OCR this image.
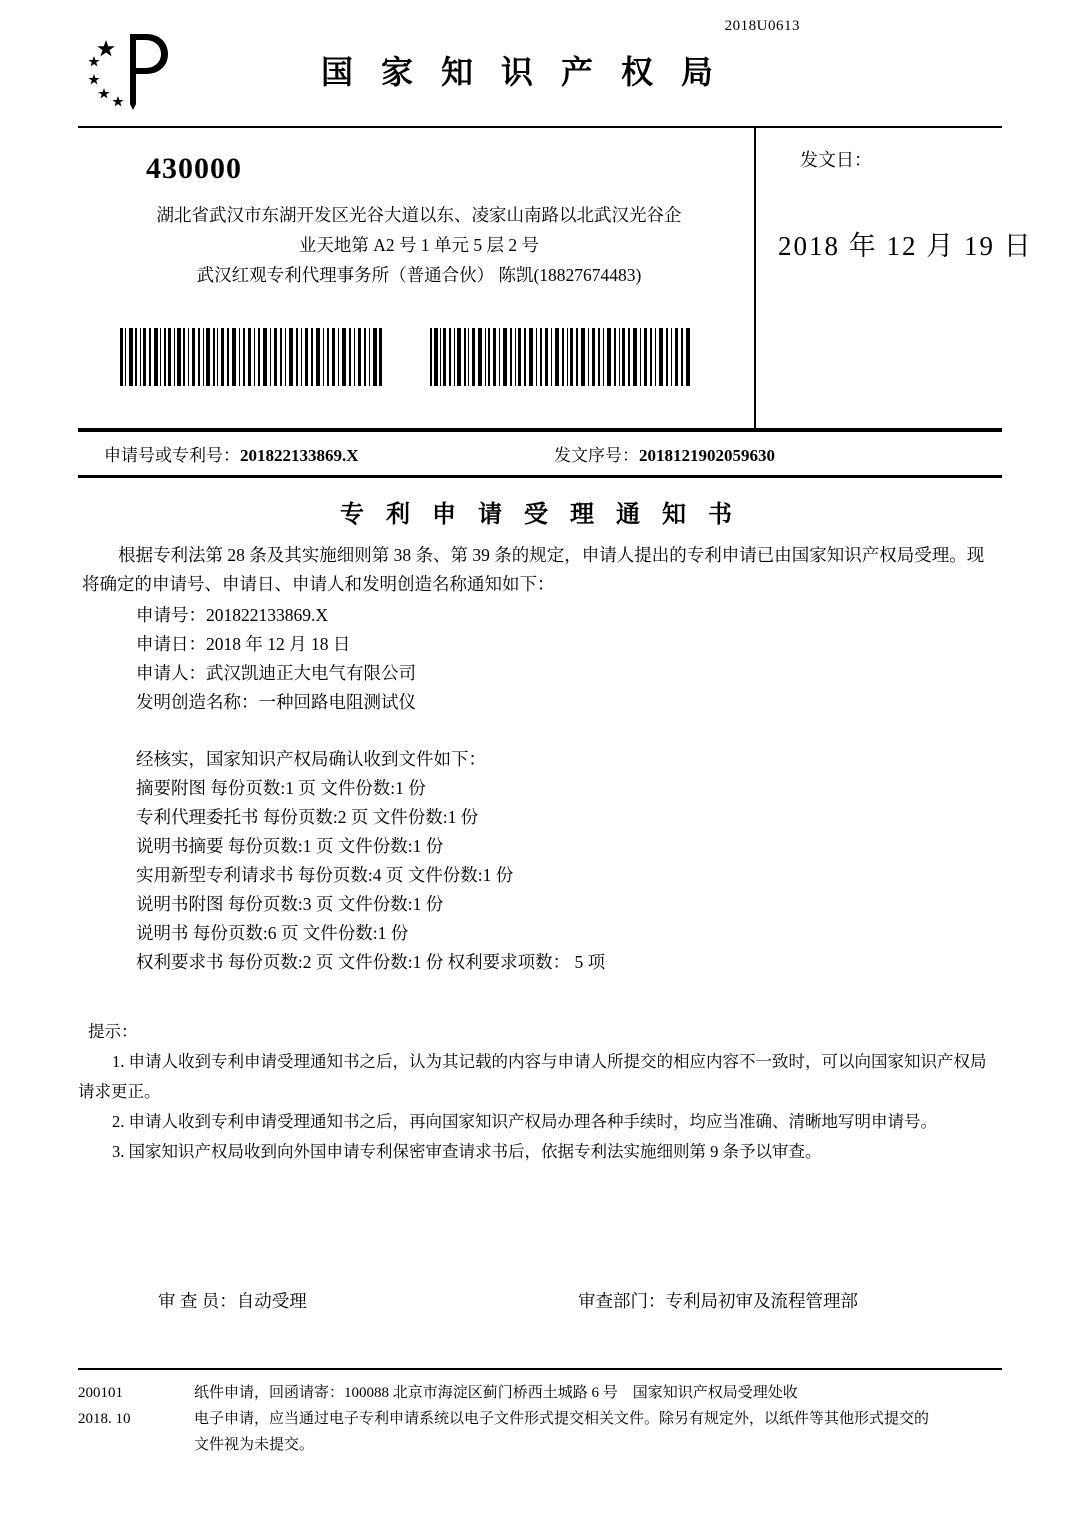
2018U0613
国 家 知 识 产 权 局
430000
湖北省武汉市东湖开发区光谷大道以东、凌家山南路以北武汉光谷企
业天地第 A2 号 1 单元 5 层 2 号
武汉红观专利代理事务所（普通合伙） 陈凯(18827674483)
发文日：
2018 年 12 月 19 日
申请号或专利号：201822133869.X	发文序号：2018121902059630
专 利 申 请 受 理 通 知 书
根据专利法第 28 条及其实施细则第 38 条、第 39 条的规定，申请人提出的专利申请已由国家知识产权局受理。现将确定的申请号、申请日、申请人和发明创造名称通知如下：
申请号：201822133869.X
申请日：2018 年 12 月 18 日
申请人：武汉凯迪正大电气有限公司
发明创造名称：一种回路电阻测试仪
经核实，国家知识产权局确认收到文件如下：
摘要附图 每份页数:1 页 文件份数:1 份
专利代理委托书 每份页数:2 页 文件份数:1 份
说明书摘要 每份页数:1 页 文件份数:1 份
实用新型专利请求书 每份页数:4 页 文件份数:1 份
说明书附图 每份页数:3 页 文件份数:1 份
说明书 每份页数:6 页 文件份数:1 份
权利要求书 每份页数:2 页 文件份数:1 份 权利要求项数： 5 项
提示：
1. 申请人收到专利申请受理通知书之后，认为其记载的内容与申请人所提交的相应内容不一致时，可以向国家知识产权局请求更正。
2. 申请人收到专利申请受理通知书之后，再向国家知识产权局办理各种手续时，均应当准确、清晰地写明申请号。
3. 国家知识产权局收到向外国申请专利保密审查请求书后，依据专利法实施细则第 9 条予以审查。
审 查 员：自动受理	审查部门：专利局初审及流程管理部
200101
2018. 10
纸件申请，回函请寄：100088 北京市海淀区蓟门桥西土城路 6 号　国家知识产权局受理处收
电子申请，应当通过电子专利申请系统以电子文件形式提交相关文件。除另有规定外，以纸件等其他形式提交的
文件视为未提交。
